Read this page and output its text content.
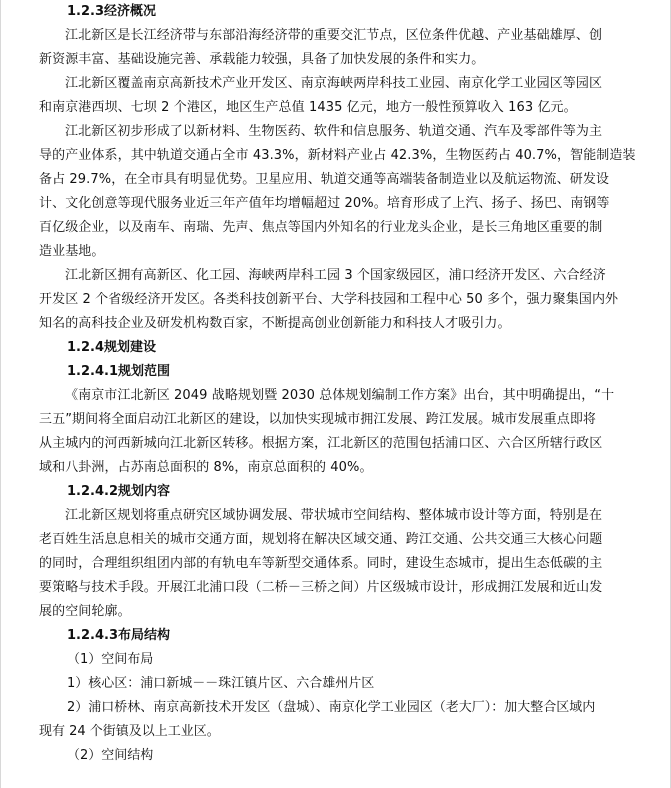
1.2.3经济概况

江北新区是长江经济带与东部沿海经济带的重要交汇节点，区位条件优越、产业基础雄厚、创
新资源丰富、基础设施完善、承载能力较强，具备了加快发展的条件和实力。

江北新区覆盖南京高新技术产业开发区、南京海峡两岸科技工业园、南京化学工业园区等园区
和南京港西坝、七坝 2 个港区，地区生产总值 1435 亿元，地方一般性预算收入 163 亿元。

江北新区初步形成了以新材料、生物医药、软件和信息服务、轨道交通、汽车及零部件等为主
导的产业体系，其中轨道交通占全市 43.3%，新材料产业占 42.3%，生物医药占 40.7%，智能制造装
备占 29.7%，在全市具有明显优势。卫星应用、轨道交通等高端装备制造业以及航运物流、研发设
计、文化创意等现代服务业近三年产值年均增幅超过 20%。培育形成了上汽、扬子、扬巴、南钢等
百亿级企业，以及南车、南瑞、先声、焦点等国内外知名的行业龙头企业，是长三角地区重要的制
造业基地。

江北新区拥有高新区、化工园、海峡两岸科工园 3 个国家级园区，浦口经济开发区、六合经济
开发区 2 个省级经济开发区。各类科技创新平台、大学科技园和工程中心 50 多个，强力聚集国内外
知名的高科技企业及研发机构数百家，不断提高创业创新能力和科技人才吸引力。

1.2.4规划建设
1.2.4.1规划范围

《南京市江北新区 2049 战略规划暨 2030 总体规划编制工作方案》出台，其中明确提出，“十
三五”期间将全面启动江北新区的建设，以加快实现城市拥江发展、跨江发展。城市发展重点即将
从主城内的河西新城向江北新区转移。根据方案，江北新区的范围包括浦口区、六合区所辖行政区
域和八卦洲，占苏南总面积的 8%，南京总面积的 40%。

1.2.4.2规划内容

江北新区规划将重点研究区域协调发展、带状城市空间结构、整体城市设计等方面，特别是在
老百姓生活息息相关的城市交通方面，规划将在解决区域交通、跨江交通、公共交通三大核心问题
的同时，合理组织组团内部的有轨电车等新型交通体系。同时，建设生态城市，提出生态低碳的主
要策略与技术手段。开展江北浦口段（二桥－三桥之间）片区级城市设计，形成拥江发展和近山发
展的空间轮廓。

1.2.4.3布局结构
（1）空间布局
1）核心区：浦口新城－－珠江镇片区、六合雄州片区
2）浦口桥林、南京高新技术开发区（盘城）、南京化学工业园区（老大厂）：加大整合区域内
现有 24 个街镇及以上工业区。
（2）空间结构
